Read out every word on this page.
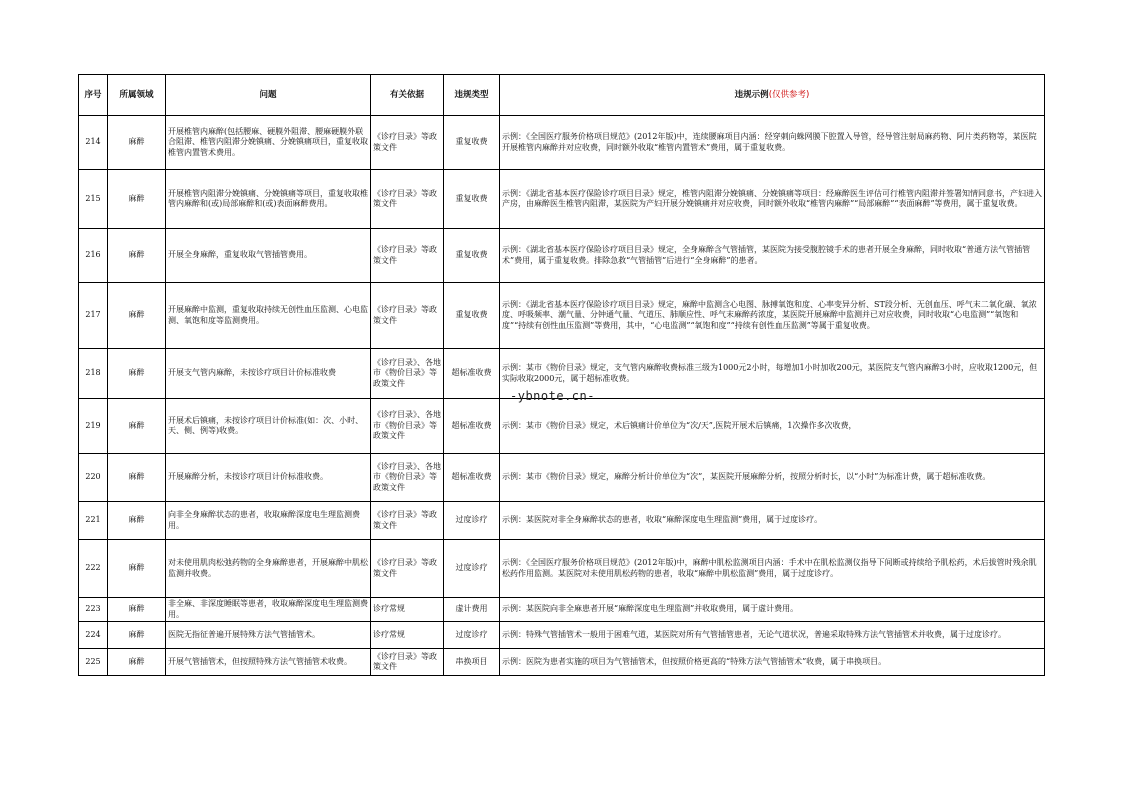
序号	所属领域	问题	有关依据	违规类型	违规示例(仅供参考)
214	麻醉	开展椎管内麻醉(包括腰麻、硬膜外阻滞、腰麻硬膜外联合阻滞、椎管内阻滞分娩镇痛、分娩镇痛项目，重复收取椎管内置管术费用。	《诊疗目录》等政策文件	重复收费	示例：《全国医疗服务价格项目规范》(2012年版)中，连续腰麻项目内涵：经穿刺向蛛网膜下腔置入导管，经导管注射局麻药物、阿片类药物等，某医院开展椎管内麻醉并对应收费，同时额外收取“椎管内置管术”费用，属于重复收费。
215	麻醉	开展椎管内阻滞分娩镇痛、分娩镇痛等项目，重复收取椎管内麻醉和(或)局部麻醉和(或)表面麻醉费用。	《诊疗目录》等政策文件	重复收费	示例：《湖北省基本医疗保险诊疗项目目录》规定，椎管内阻滞分娩镇痛、分娩镇痛等项目：经麻醉医生评估可行椎管内阻滞并签署知情同意书，产妇进入产房，由麻醉医生椎管内阻滞，某医院为产妇开展分娩镇痛并对应收费，同时额外收取“椎管内麻醉”“局部麻醉”“表面麻醉”等费用，属于重复收费。
216	麻醉	开展全身麻醉，重复收取气管插管费用。	《诊疗目录》等政策文件	重复收费	示例：《湖北省基本医疗保险诊疗项目目录》规定，全身麻醉含气管插管，某医院为接受腹腔镜手术的患者开展全身麻醉，同时收取“普通方法气管插管术”费用，属于重复收费。排除急救“气管插管”后进行“全身麻醉”的患者。
217	麻醉	开展麻醉中监测，重复收取持续无创性血压监测、心电监测、氧饱和度等监测费用。	《诊疗目录》等政策文件	重复收费	示例：《湖北省基本医疗保险诊疗项目目录》规定，麻醉中监测含心电图、脉搏氧饱和度、心率变异分析、ST段分析、无创血压、呼气末二氧化碳、氧浓度、呼吸频率、潮气量、分钟通气量、气道压、肺顺应性、呼气末麻醉药浓度，某医院开展麻醉中监测并已对应收费，同时收取“心电监测”“氧饱和度”“持续有创性血压监测”等费用，其中，“心电监测”“氧饱和度”“持续有创性血压监测”等属于重复收费。
218	麻醉	开展支气管内麻醉，未按诊疗项目计价标准收费	《诊疗目录》、各地市《物价目录》等政策文件	超标准收费	示例：某市《物价目录》规定，支气管内麻醉收费标准三级为1000元2小时，每增加1小时加收200元，某医院支气管内麻醉3小时，应收取1200元，但实际收取2000元，属于超标准收费。
219	麻醉	开展术后镇痛，未按诊疗项目计价标准(如：次、小时、天、侧、例等)收费。	《诊疗目录》、各地市《物价目录》等政策文件	超标准收费	示例：某市《物价目录》规定，术后镇痛计价单位为“次/天”,医院开展术后镇痛，1次操作多次收费，
220	麻醉	开展麻醉分析，未按诊疗项目计价标准收费。	《诊疗目录》、各地市《物价目录》等政策文件	超标准收费	示例：某市《物价目录》规定，麻醉分析计价单位为“次”，某医院开展麻醉分析，按照分析时长，以“小时”为标准计费，属于超标准收费。
221	麻醉	向非全身麻醉状态的患者，收取麻醉深度电生理监测费用。	《诊疗目录》等政策文件	过度诊疗	示例：某医院对非全身麻醉状态的患者，收取“麻醉深度电生理监测”费用，属于过度诊疗。
222	麻醉	对未使用肌肉松弛药物的全身麻醉患者，开展麻醉中肌松监测并收费。	《诊疗目录》等政策文件	过度诊疗	示例：《全国医疗服务价格项目规范》(2012年版)中，麻醉中肌松监测项目内涵：手术中在肌松监测仪指导下间断或持续给予肌松药，术后拔管时残余肌松药作用监测。某医院对未使用肌松药物的患者，收取“麻醉中肌松监测”费用，属于过度诊疗。
223	麻醉	非全麻、非深度睡眠等患者，收取麻醉深度电生理监测费用。	诊疗常规	虚计费用	示例：某医院向非全麻患者开展“麻醉深度电生理监测”并收取费用，属于虚计费用。
224	麻醉	医院无指征普遍开展特殊方法气管插管术。	诊疗常规	过度诊疗	示例：特殊气管插管术一般用于困难气道，某医院对所有气管插管患者，无论气道状况，普遍采取特殊方法气管插管术并收费，属于过度诊疗。
225	麻醉	开展气管插管术，但按照特殊方法气管插管术收费。	《诊疗目录》等政策文件	串换项目	示例：医院为患者实施的项目为气管插管术，但按照价格更高的“特殊方法气管插管术”收费，属于串换项目。
-ybnote.cn-
